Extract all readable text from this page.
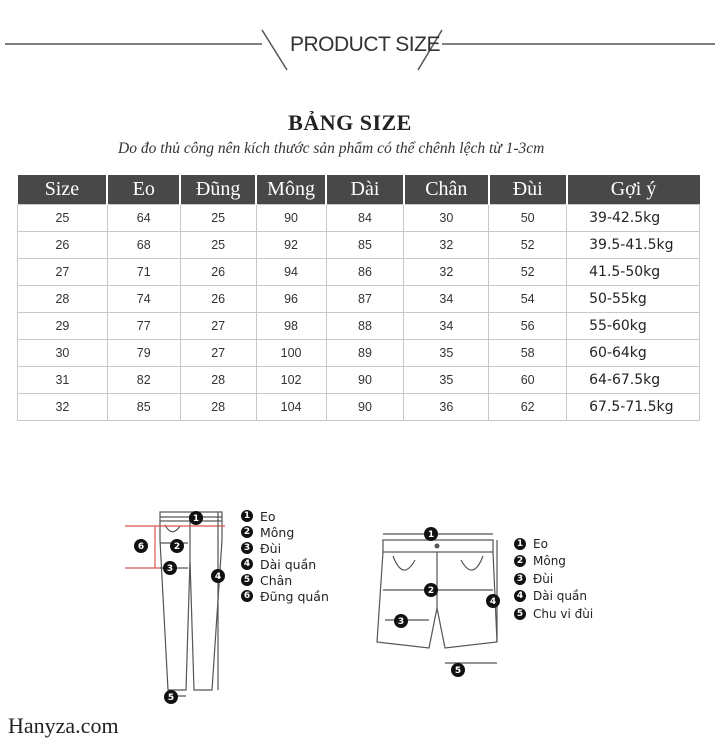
PRODUCT SIZE
BẢNG SIZE
Do đo thủ công nên kích thước sản phẩm có thể chênh lệch từ 1-3cm
Size	Eo	Đũng	Mông	Dài	Chân	Đùi	Gợi ý
25	64	25	90	84	30	50	39-42.5kg
26	68	25	92	85	32	52	39.5-41.5kg
27	71	26	94	86	32	52	41.5-50kg
28	74	26	96	87	34	54	50-55kg
29	77	27	98	88	34	56	55-60kg
30	79	27	100	89	35	58	60-64kg
31	82	28	102	90	35	60	64-67.5kg
32	85	28	104	90	36	62	67.5-71.5kg
1
2
3
4
5
6
1 Eo
2 Mông
3 Đùi
4 Dài quần
5 Chân
6 Đũng quần
1
2
3
4
5
1 Eo
2 Mông
3 Đùi
4 Dài quần
5 Chu vi đùi
Hanyza.com
